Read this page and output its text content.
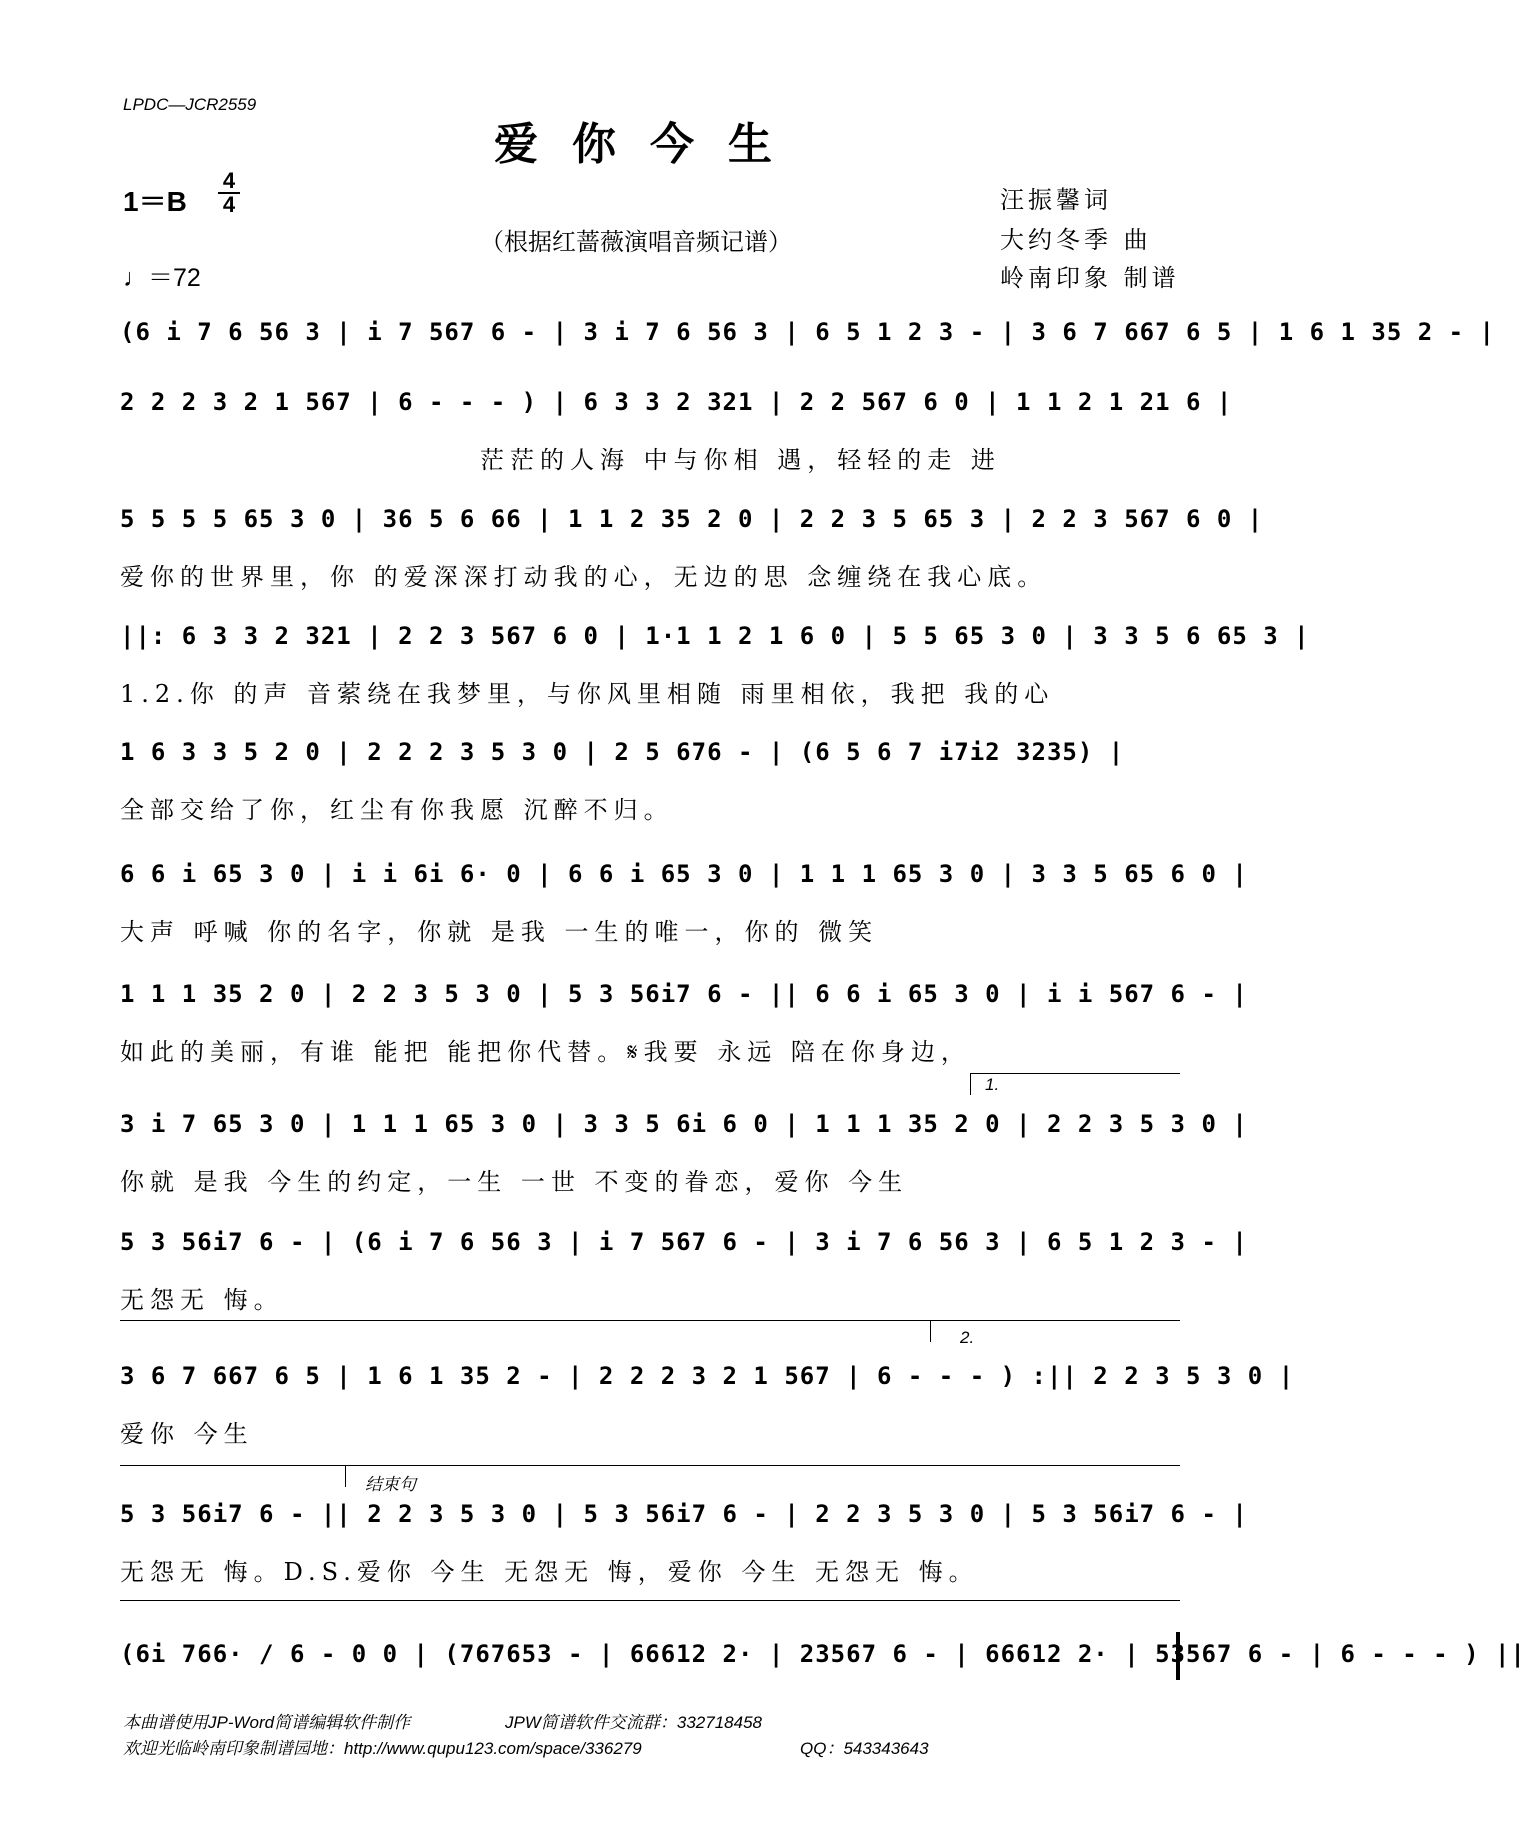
LPDC—JCR2559
爱你今生
1＝B
4
4
♩＝72
（根据红蔷薇演唱音频记谱）
汪振馨词
大约冬季 曲
岭南印象 制谱
(6 i 7 6 56 3 | i 7 567 6 - | 3 i 7 6 56 3 | 6 5 1 2 3 - | 3 6 7 667 6 5 | 1 6 1 35 2 - |
2 2 2 3 2 1 567 | 6 - - - ) | 6 3 3 2 321 | 2 2 567 6 0 | 1 1 2 1 21 6 |
茫茫的人海 中与你相 遇，轻轻的走 进
5 5 5 5 65 3 0 | 36 5 6 66 | 1 1 2 35 2 0 | 2 2 3 5 65 3 | 2 2 3 567 6 0 |
爱你的世界里，你 的爱深深打动我的心，无边的思 念缠绕在我心底。
||: 6 3 3 2 321 | 2 2 3 567 6 0 | 1·1 1 2 1 6 0 | 5 5 65 3 0 | 3 3 5 6 65 3 |
1.2.你 的声 音萦绕在我梦里，与你风里相随 雨里相依，我把 我的心
1 6 3 3 5 2 0 | 2 2 2 3 5 3 0 | 2 5 676 - | (6 5 6 7 i7i2 3235) |
全部交给了你，红尘有你我愿 沉醉不归。
6 6 i 65 3 0 | i i 6i 6· 0 | 6 6 i 65 3 0 | 1 1 1 65 3 0 | 3 3 5 65 6 0 |
大声 呼喊 你的名字，你就 是我 一生的唯一，你的 微笑
1 1 1 35 2 0 | 2 2 3 5 3 0 | 5 3 56i7 6 - || 6 6 i 65 3 0 | i i 567 6 - |
如此的美丽，有谁 能把 能把你代替。𝄋我要 永远 陪在你身边，
1.
3 i 7 65 3 0 | 1 1 1 65 3 0 | 3 3 5 6i 6 0 | 1 1 1 35 2 0 | 2 2 3 5 3 0 |
你就 是我 今生的约定，一生 一世 不变的眷恋，爱你 今生
5 3 56i7 6 - | (6 i 7 6 56 3 | i 7 567 6 - | 3 i 7 6 56 3 | 6 5 1 2 3 - |
无怨无 悔。
2.
3 6 7 667 6 5 | 1 6 1 35 2 - | 2 2 2 3 2 1 567 | 6 - - - ) :|| 2 2 3 5 3 0 |
爱你 今生
结束句
5 3 56i7 6 - || 2 2 3 5 3 0 | 5 3 56i7 6 - | 2 2 3 5 3 0 | 5 3 56i7 6 - |
无怨无 悔。D.S.爱你 今生 无怨无 悔，爱你 今生 无怨无 悔。
(6i 766· / 6 - 0 0 | (767653 - | 66612 2· | 23567 6 - | 66612 2· | 53567 6 - | 6 - - - ) ||
本曲谱使用JP-Word简谱编辑软件制作	JPW简谱软件交流群：332718458
欢迎光临岭南印象制谱园地：http://www.qupu123.com/space/336279	QQ：543343643
